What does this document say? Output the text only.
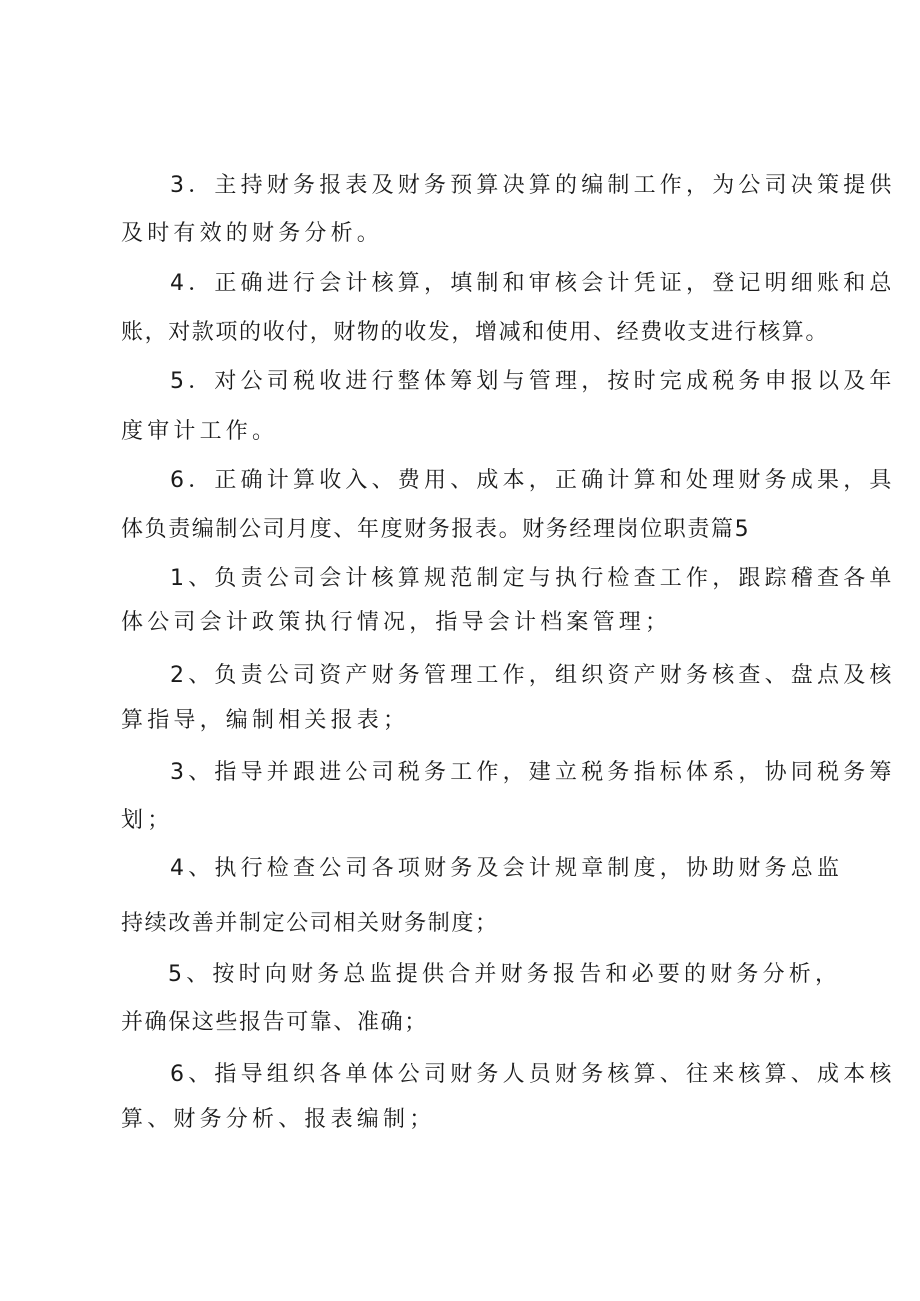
3．主持财务报表及财务预算决算的编制工作，为公司决策提供
及时有效的财务分析。
4．正确进行会计核算，填制和审核会计凭证，登记明细账和总
账，对款项的收付，财物的收发，增减和使用、经费收支进行核算。
5．对公司税收进行整体筹划与管理，按时完成税务申报以及年
度审计工作。
6．正确计算收入、费用、成本，正确计算和处理财务成果，具
体负责编制公司月度、年度财务报表。财务经理岗位职责篇5
1、负责公司会计核算规范制定与执行检查工作，跟踪稽查各单
体公司会计政策执行情况，指导会计档案管理；
2、负责公司资产财务管理工作，组织资产财务核查、盘点及核
算指导，编制相关报表；
3、指导并跟进公司税务工作，建立税务指标体系，协同税务筹
划；
4、执行检查公司各项财务及会计规章制度，协助财务总监
持续改善并制定公司相关财务制度；
5、按时向财务总监提供合并财务报告和必要的财务分析，
并确保这些报告可靠、准确；
6、指导组织各单体公司财务人员财务核算、往来核算、成本核
算、财务分析、报表编制；
